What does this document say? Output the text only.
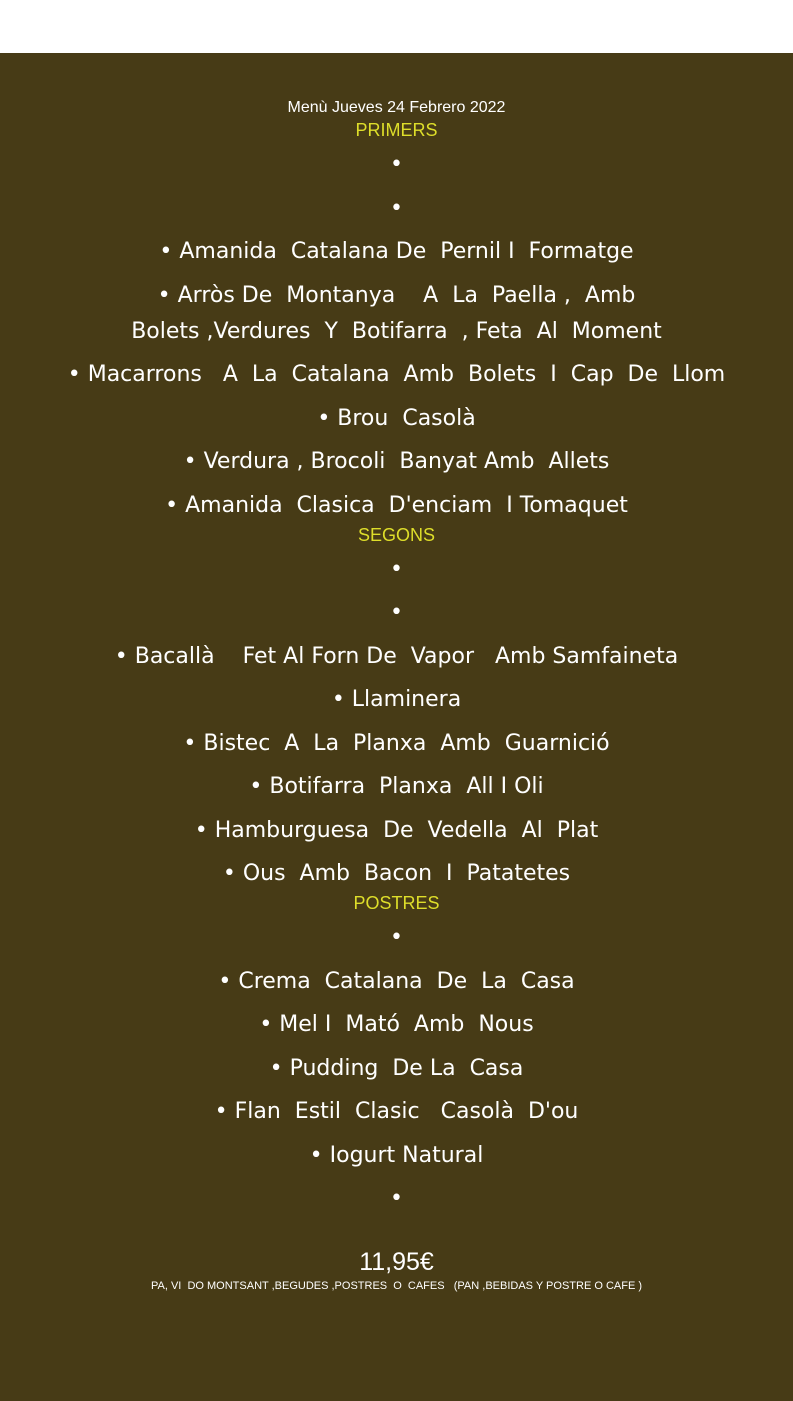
Menù Jueves 24 Febrero 2022

PRIMERS

•

•

• Amanida  Catalana De  Pernil I  Formatge

• Arròs De  Montanya    A  La  Paella ,  Amb
Bolets ,Verdures  Y  Botifarra  , Feta  Al  Moment

• Macarrons   A  La  Catalana  Amb  Bolets  I  Cap  De  Llom

• Brou  Casolà

• Verdura , Brocoli  Banyat Amb  Allets

• Amanida  Clasica  D'enciam  I Tomaquet

SEGONS

•

•

• Bacallà    Fet Al Forn De  Vapor   Amb Samfaineta

• Llaminera

• Bistec  A  La  Planxa  Amb  Guarnició

• Botifarra  Planxa  All I Oli

• Hamburguesa  De  Vedella  Al  Plat

• Ous  Amb  Bacon  I  Patatetes

POSTRES

•

• Crema  Catalana  De  La  Casa

• Mel I  Mató  Amb  Nous

• Pudding  De La  Casa

• Flan  Estil  Clasic   Casolà  D'ou

• Iogurt Natural

•

11,95€

PA, VI  DO MONTSANT ,BEGUDES ,POSTRES  O  CAFES   (PAN ,BEBIDAS Y POSTRE O CAFE )
